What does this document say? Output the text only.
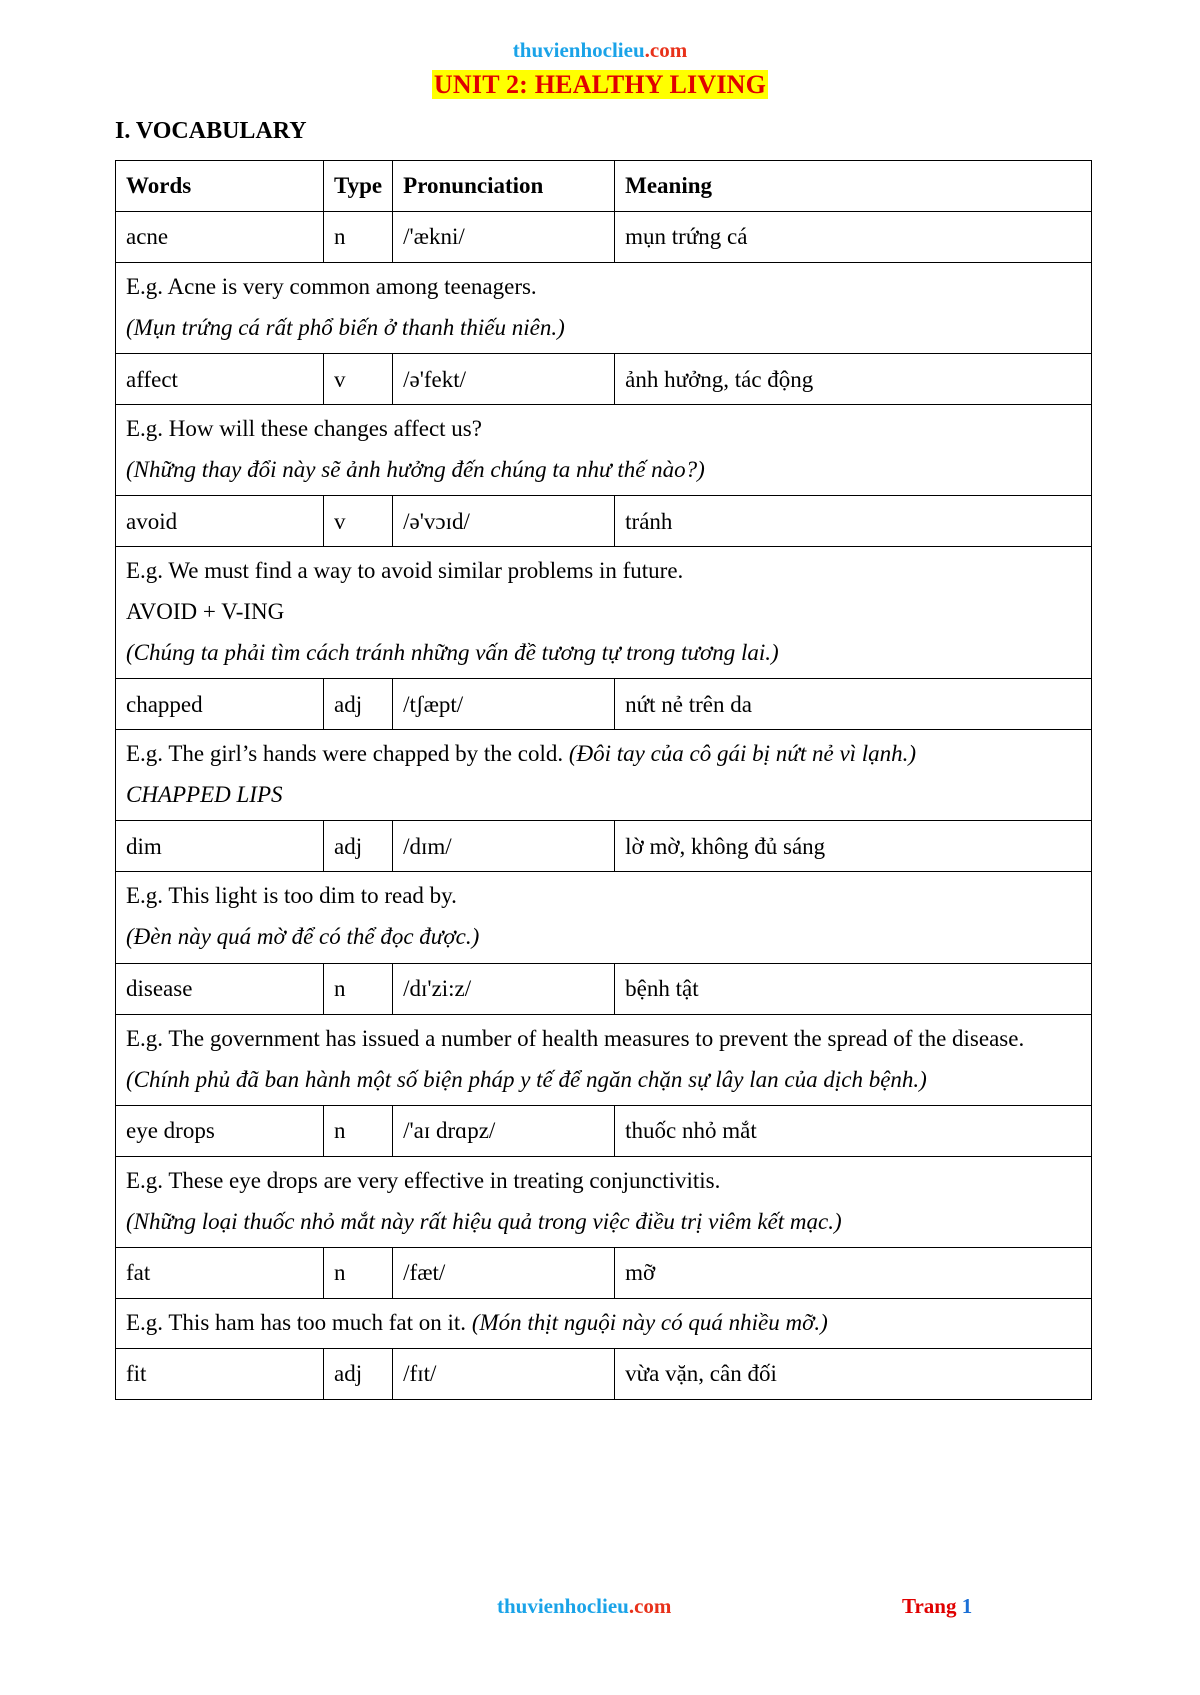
thuvienhoclieu.com
UNIT 2: HEALTHY LIVING
I. VOCABULARY
Words	Type	Pronunciation	Meaning
acne	n	/'ækni/	mụn trứng cá

E.g. Acne is very common among teenagers.

(Mụn trứng cá rất phổ biến ở thanh thiếu niên.)			

affect	v	/ə'fekt/	ảnh hưởng, tác động

E.g. How will these changes affect us?

(Những thay đổi này sẽ ảnh hưởng đến chúng ta như thế nào?)			

avoid	v	/ə'vɔɪd/	tránh

E.g. We must find a way to avoid similar problems in future.

AVOID + V-ING

(Chúng ta phải tìm cách tránh những vấn đề tương tự trong tương lai.)			

chapped	adj	/tʃæpt/	nứt nẻ trên da

E.g. The girl’s hands were chapped by the cold. (Đôi tay của cô gái bị nứt nẻ vì lạnh.)

CHAPPED LIPS			

dim	adj	/dɪm/	lờ mờ, không đủ sáng

E.g. This light is too dim to read by.

(Đèn này quá mờ để có thể đọc được.)			

disease	n	/dɪ'zi:z/	bệnh tật

E.g. The government has issued a number of health measures to prevent the spread of the disease.

(Chính phủ đã ban hành một số biện pháp y tế để ngăn chặn sự lây lan của dịch bệnh.)			

eye drops	n	/'aɪ drɑpz/	thuốc nhỏ mắt

E.g. These eye drops are very effective in treating conjunctivitis.

(Những loại thuốc nhỏ mắt này rất hiệu quả trong việc điều trị viêm kết mạc.)			

fat	n	/fæt/	mỡ

E.g. This ham has too much fat on it. (Món thịt nguội này có quá nhiều mỡ.)			

fit	adj	/fɪt/	vừa vặn, cân đối
thuvienhoclieu.com	Trang 1
